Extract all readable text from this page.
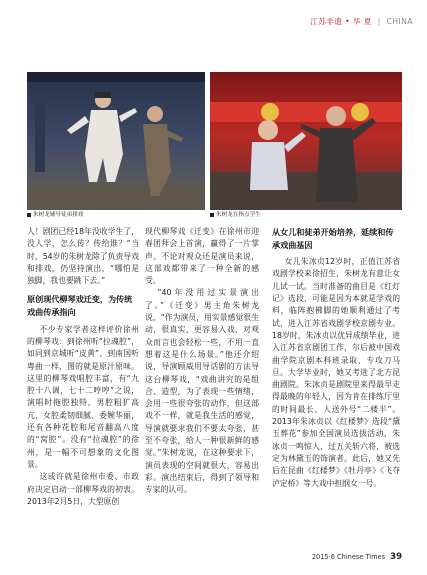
江苏非遗 • 华 夏 | CHINA
朱树龙辅导徒弟排戏	朱树龙在指点学生

人！剧团已经18年没收学生了，没人学，怎么传？传给谁？”当时，54岁的朱树龙除了负责导戏和排戏，仍坚持演出，“哪怕是独脚，我也要跳下去。”

原创现代柳琴戏迁变，为传统戏曲传承指向

不少专家学者这样评价徐州的柳琴戏：到徐州听“拉魂腔”，如同到京城听“皮黄”、到南国听粤曲一样，图的就是原汁原味。这里的柳琴戏唱腔丰富，有“九腔十八调，七十二哼哼”之说，演唱时拖腔独特，男腔粗犷高亢，女腔柔韧细腻、委婉华丽，还有各种花腔和尾音翻高八度的“窝腔”。没有“拉魂腔”的徐州，是一幅不可想象的文化图景。

这或许就是徐州市委、市政府决定启动一部柳琴戏的初衷。2013年2月5日，大型原创

现代柳琴戏《迁变》在徐州市迎春团拜会上首演，赢得了一片掌声。不论对观众还是演员来说，这部戏都带来了一种全新的感受。

“40年没用过实景演出了。”《迁变》男主角朱树龙说，“作为演员，用实景感觉很生动，很真实，更容易入戏，对观众而言也会轻松一些，不用一直想着这是什么场景。”他还介绍说，导演顾威用导话剧的方法导这台柳琴戏，“戏曲讲究的是组合、造型，为了表现一些情绪，会用一些很夸张的动作，但这部戏不一样，就是我生活的感觉，导演就要求我们不要太夸张，甚至不夸张，给人一种很新鲜的感觉。”朱树龙说，在这种要求下，演员表现的空间就很大，容易出彩。演出结束后，得到了领导和专家的认可。

从女儿和徒弟开始培养，延续和传承戏曲基因

女儿朱冰贞12岁时，正值江苏省戏剧学校来徐招生，朱树龙有意让女儿试一试。当时准备的曲目是《红灯记》选段，可能是因为本就是学戏的料，临阵抱佛脚的她顺利通过了考试，进入江苏省戏剧学校京剧专业。18岁时，朱冰贞以优异成绩毕业，进入江苏省京剧团工作，尔后被中国戏曲学院京剧本科班录取，专攻刀马旦。大学毕业时，她又考进了北方昆曲剧院。朱冰贞是剧院里来得最早走得最晚的年轻人，因为肯在排练厅里的时间最长，人送外号“二楼半”。2013年朱冰贞以《红楼梦》选段“黛玉葬花”参加全国演员选拔活动，朱冰贞一鸣惊人，过五关斩六将，被选定为林黛玉的饰演者。此后，她又先后在昆曲《红楼梦》《牡丹亭》《飞夺泸定桥》等大戏中担纲女一号。

2015·6 Chinese Times 39
